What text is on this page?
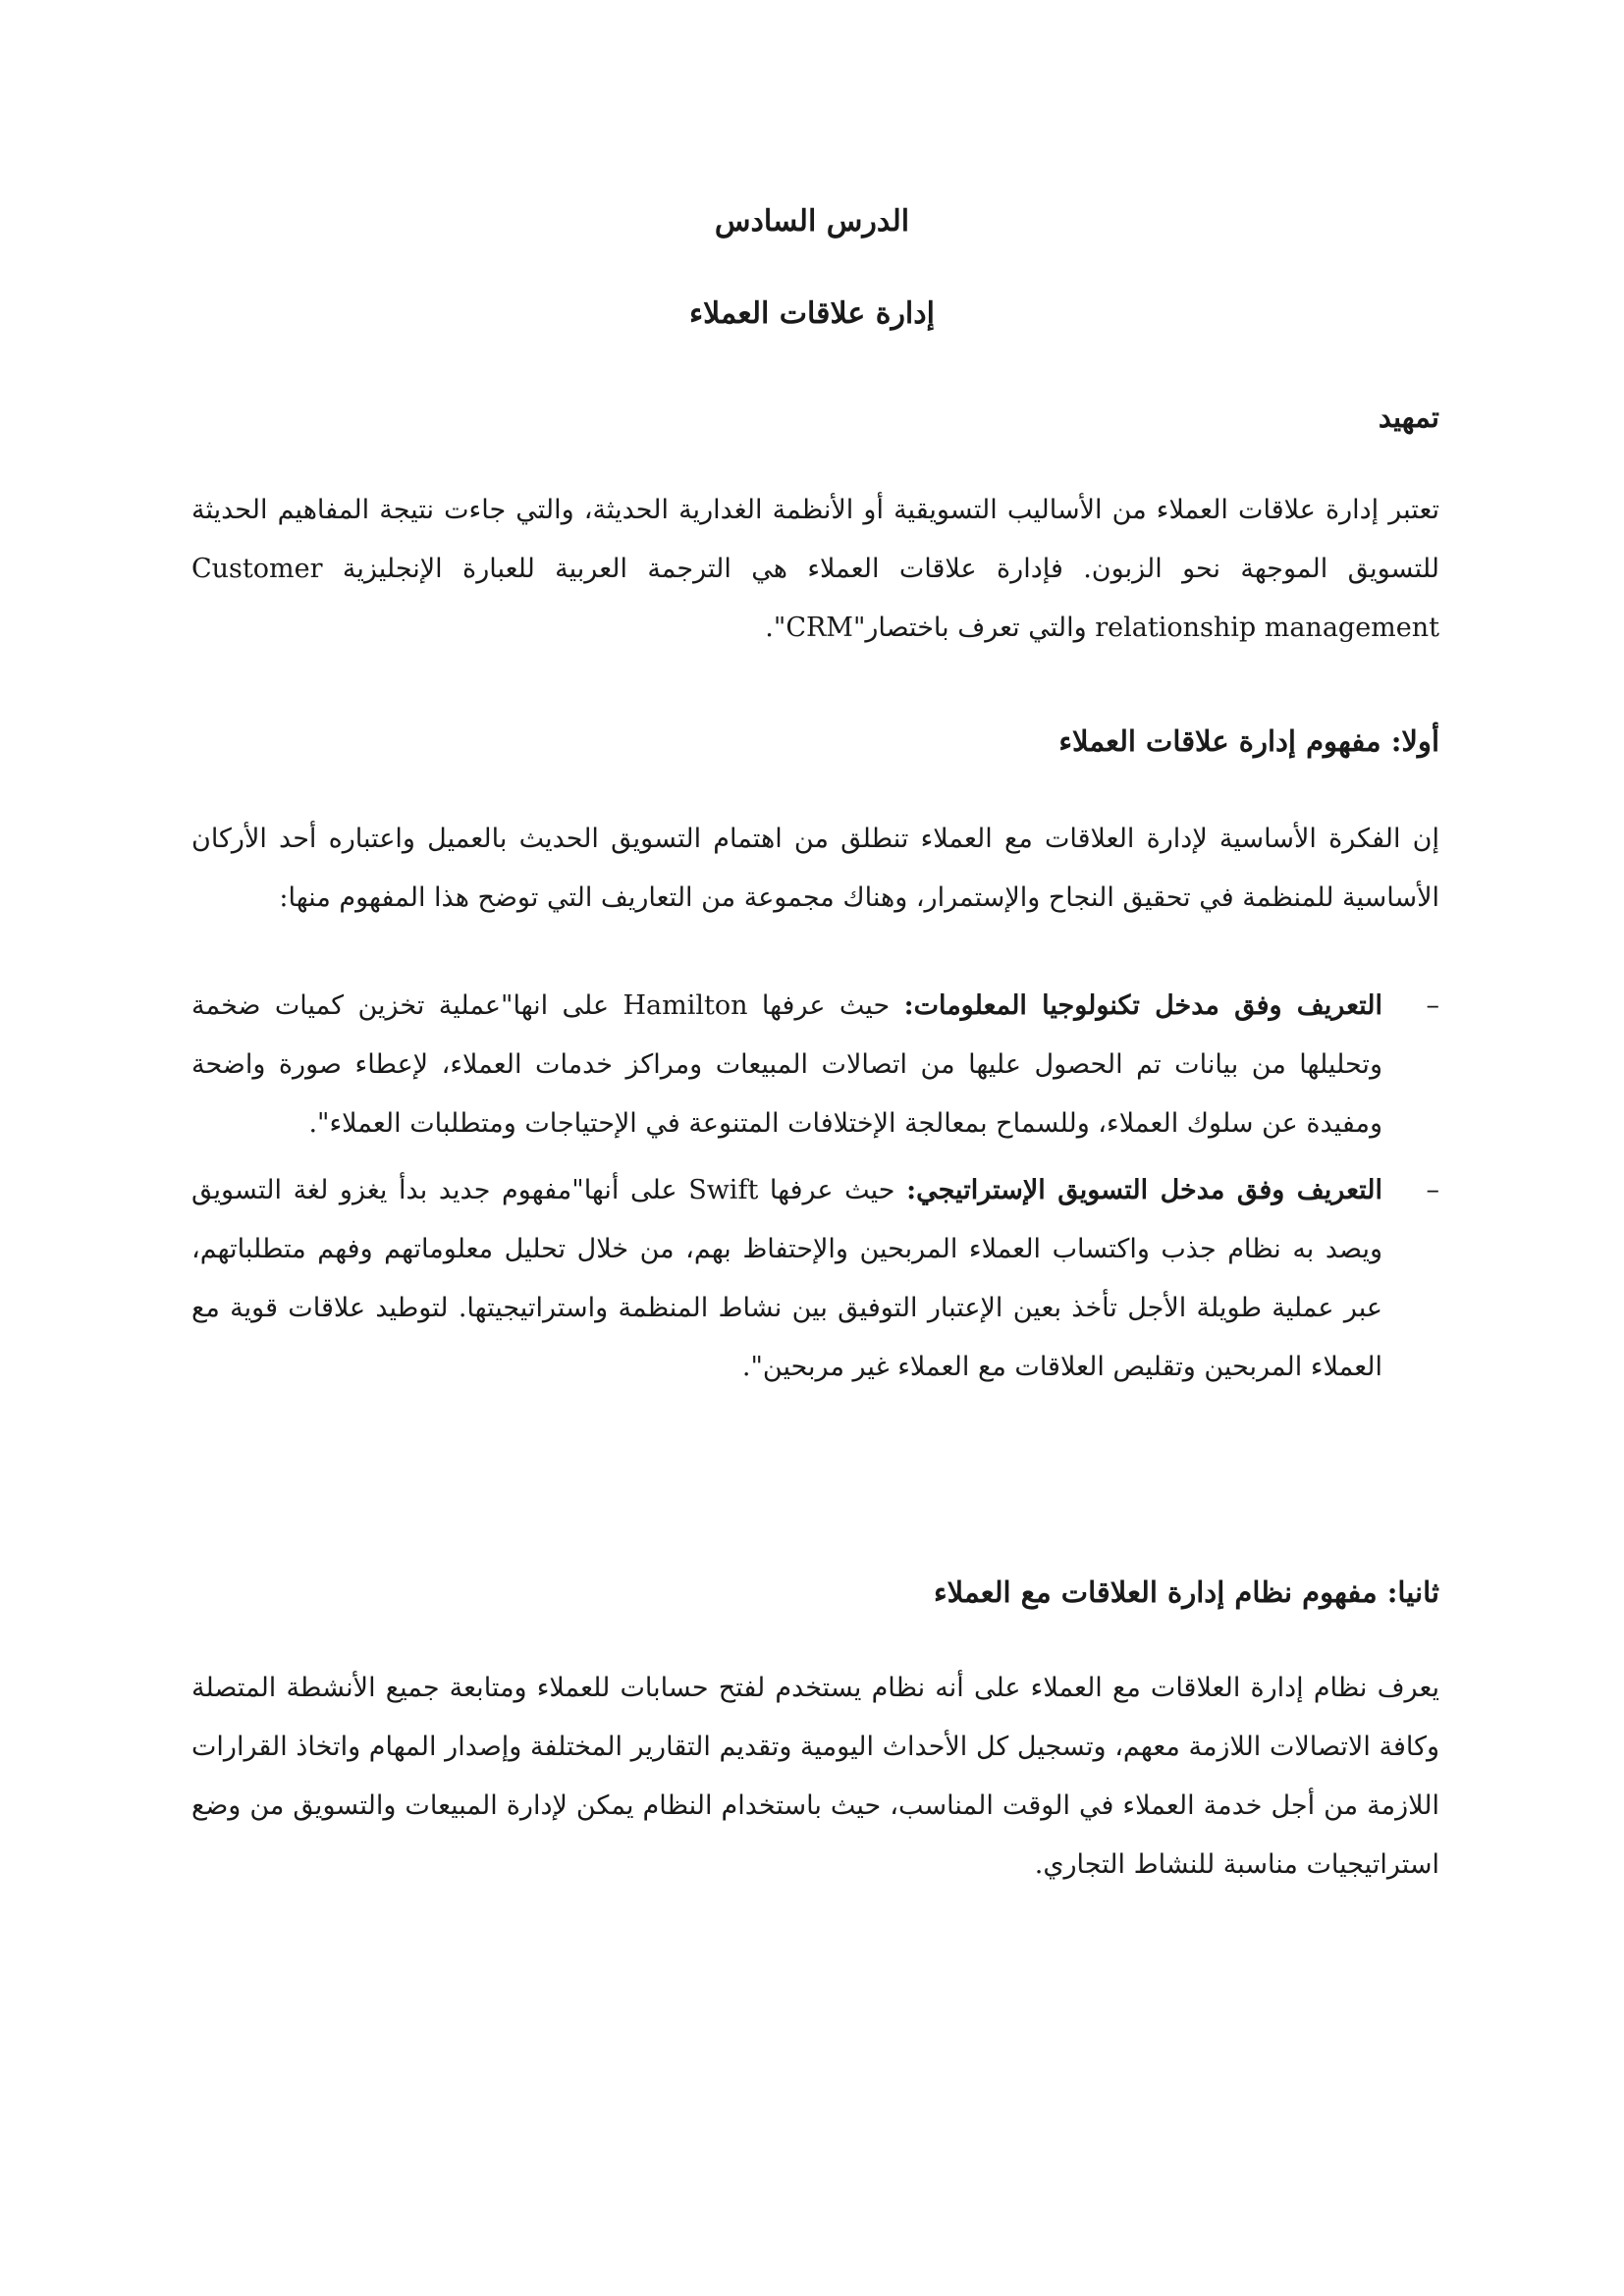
الدرس السادس
إدارة علاقات العملاء
تمهيد

تعتبر إدارة علاقات العملاء من الأساليب التسويقية أو الأنظمة الغدارية الحديثة، والتي جاءت نتيجة المفاهيم الحديثة للتسويق الموجهة نحو الزبون. فإدارة علاقات العملاء هي الترجمة العربية للعبارة الإنجليزية Customer relationship management والتي تعرف باختصار"CRM".

أولا: مفهوم إدارة علاقات العملاء

إن الفكرة الأساسية لإدارة العلاقات مع العملاء تنطلق من اهتمام التسويق الحديث بالعميل واعتباره أحد الأركان الأساسية للمنظمة في تحقيق النجاح والإستمرار، وهناك مجموعة من التعاريف التي توضح هذا المفهوم منها:

–
التعريف وفق مدخل تكنولوجيا المعلومات: حيث عرفها Hamilton على انها"عملية تخزين كميات ضخمة وتحليلها من بيانات تم الحصول عليها من اتصالات المبيعات ومراكز خدمات العملاء، لإعطاء صورة واضحة ومفيدة عن سلوك العملاء، وللسماح بمعالجة الإختلافات المتنوعة في الإحتياجات ومتطلبات العملاء".
–
التعريف وفق مدخل التسويق الإستراتيجي: حيث عرفها Swift على أنها"مفهوم جديد بدأ يغزو لغة التسويق ويصد به نظام جذب واكتساب العملاء المربحين والإحتفاظ بهم، من خلال تحليل معلوماتهم وفهم متطلباتهم، عبر عملية طويلة الأجل تأخذ بعين الإعتبار التوفيق بين نشاط المنظمة واستراتيجيتها. لتوطيد علاقات قوية مع العملاء المربحين وتقليص العلاقات مع العملاء غير مربحين".
ثانيا: مفهوم نظام إدارة العلاقات مع العملاء

يعرف نظام إدارة العلاقات مع العملاء على أنه نظام يستخدم لفتح حسابات للعملاء ومتابعة جميع الأنشطة المتصلة وكافة الاتصالات اللازمة معهم، وتسجيل كل الأحداث اليومية وتقديم التقارير المختلفة وإصدار المهام واتخاذ القرارات اللازمة من أجل خدمة العملاء في الوقت المناسب، حيث باستخدام النظام يمكن لإدارة المبيعات والتسويق من وضع استراتيجيات مناسبة للنشاط التجاري.
